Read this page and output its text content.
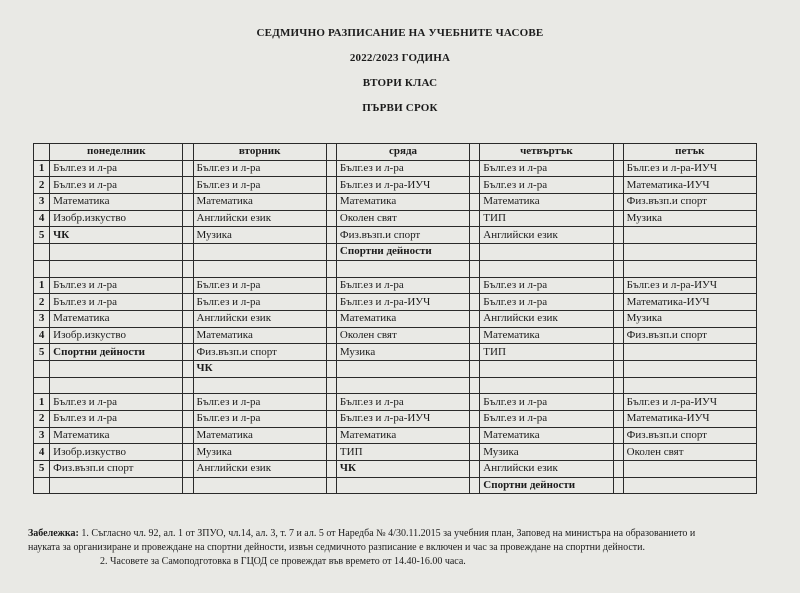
СЕДМИЧНО РАЗПИСАНИЕ НА УЧЕБНИТЕ ЧАСОВЕ
2022/2023 ГОДИНА
ВТОРИ КЛАС
ПЪРВИ СРОК
	понеделник		вторник		сряда		четвъртък		петък
1	Бълг.ез и л-ра		Бълг.ез и л-ра		Бълг.ез и л-ра		Бълг.ез и л-ра		Бълг.ез и л-ра-ИУЧ
2	Бълг.ез и л-ра		Бълг.ез и л-ра		Бълг.ез и л-ра-ИУЧ		Бълг.ез и л-ра		Математика-ИУЧ
3	Математика		Математика		Математика		Математика		Физ.възп.и спорт
4	Изобр.изкуство		Английски език		Околен свят		ТИП		Музика
5	ЧК		Музика		Физ.възп.и спорт		Английски език		
					Спортни дейности				

1	Бълг.ез и л-ра		Бълг.ез и л-ра		Бълг.ез и л-ра		Бълг.ез и л-ра		Бълг.ез и л-ра-ИУЧ
2	Бълг.ез и л-ра		Бълг.ез и л-ра		Бълг.ез и л-ра-ИУЧ		Бълг.ез и л-ра		Математика-ИУЧ
3	Математика		Английски език		Математика		Английски език		Музика
4	Изобр.изкуство		Математика		Околен свят		Математика		Физ.възп.и спорт
5	Спортни дейности		Физ.възп.и спорт		Музика		ТИП		
			ЧК						

1	Бълг.ез и л-ра		Бълг.ез и л-ра		Бълг.ез и л-ра		Бълг.ез и л-ра		Бълг.ез и л-ра-ИУЧ
2	Бълг.ез и л-ра		Бълг.ез и л-ра		Бълг.ез и л-ра-ИУЧ		Бълг.ез и л-ра		Математика-ИУЧ
3	Математика		Математика		Математика		Математика		Физ.възп.и спорт
4	Изобр.изкуство		Музика		ТИП		Музика		Околен свят
5	Физ.възп.и спорт		Английски език		ЧК		Английски език		
							Спортни дейности		
Забележка: 1. Съгласно чл. 92, ал. 1 от ЗПУО, чл.14, ал. 3, т. 7 и ал. 5 от Наредба № 4/30.11.2015 за учебния план, Заповед на министъра на образованието и
науката за организиране и провеждане на спортни дейности, извън седмичното разписание е включен и час за провеждане на спортни дейности.
2. Часовете за Самоподготовка в ГЦОД се провеждат във времето от 14.40-16.00 часа.
